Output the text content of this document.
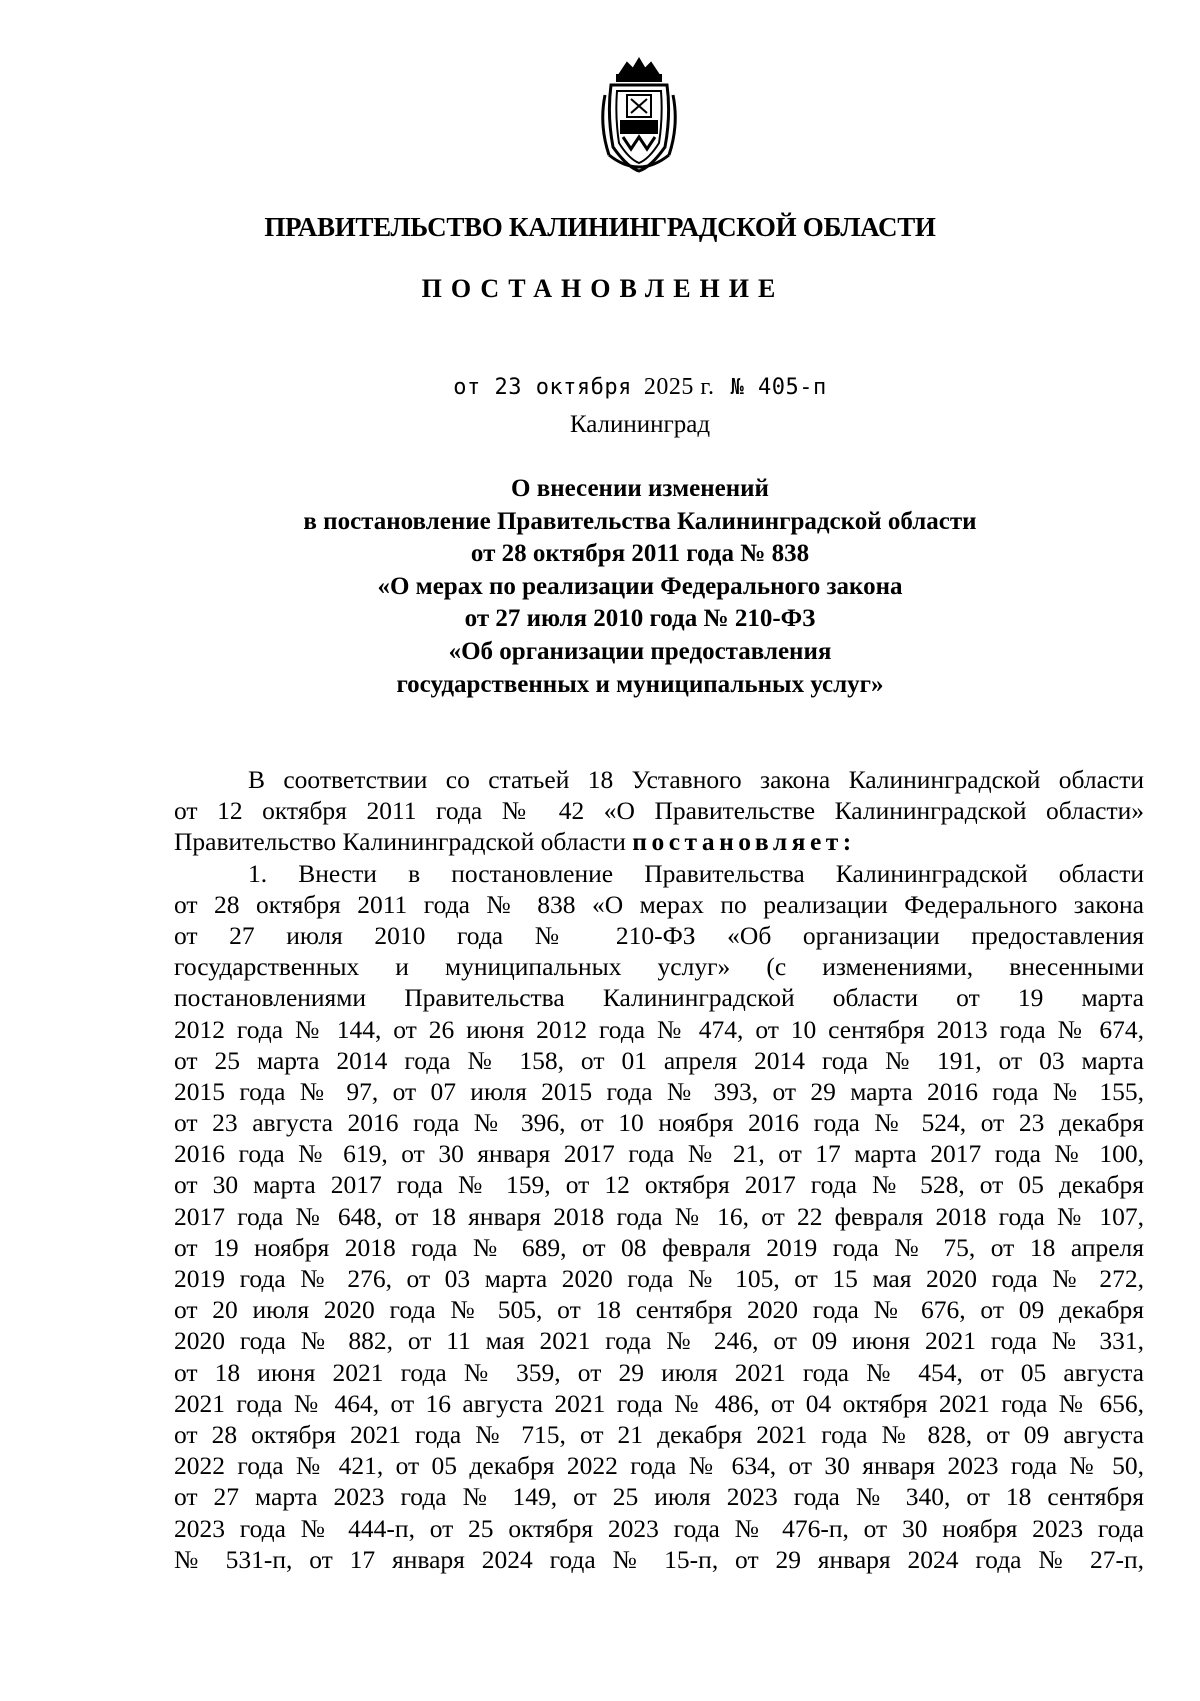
ПРАВИТЕЛЬСТВО КАЛИНИНГРАДСКОЙ ОБЛАСТИ
ПОСТАНОВЛЕНИЕ
от 23 октября 2025 г. № 405-п
Калининград
О внесении изменений
в постановление Правительства Калининградской области
от 28 октября 2011 года № 838
«О мерах по реализации Федерального закона
от 27 июля 2010 года № 210-ФЗ
«Об организации предоставления
государственных и муниципальных услуг»
В соответствии со статьей 18 Уставного закона Калининградской области
от 12 октября 2011 года № 42 «О Правительстве Калининградской области»
Правительство Калининградской области постановляет:
1. Внести в постановление Правительства Калининградской области
от 28 октября 2011 года № 838 «О мерах по реализации Федерального закона
от 27 июля 2010 года № 210-ФЗ «Об организации предоставления
государственных и муниципальных услуг» (с изменениями, внесенными
постановлениями Правительства Калининградской области от 19 марта
2012 года № 144, от 26 июня 2012 года № 474, от 10 сентября 2013 года № 674,
от 25 марта 2014 года № 158, от 01 апреля 2014 года № 191, от 03 марта
2015 года № 97, от 07 июля 2015 года № 393, от 29 марта 2016 года № 155,
от 23 августа 2016 года № 396, от 10 ноября 2016 года № 524, от 23 декабря
2016 года № 619, от 30 января 2017 года № 21, от 17 марта 2017 года № 100,
от 30 марта 2017 года № 159, от 12 октября 2017 года № 528, от 05 декабря
2017 года № 648, от 18 января 2018 года № 16, от 22 февраля 2018 года № 107,
от 19 ноября 2018 года № 689, от 08 февраля 2019 года № 75, от 18 апреля
2019 года № 276, от 03 марта 2020 года № 105, от 15 мая 2020 года № 272,
от 20 июля 2020 года № 505, от 18 сентября 2020 года № 676, от 09 декабря
2020 года № 882, от 11 мая 2021 года № 246, от 09 июня 2021 года № 331,
от 18 июня 2021 года № 359, от 29 июля 2021 года № 454, от 05 августа
2021 года № 464, от 16 августа 2021 года № 486, от 04 октября 2021 года № 656,
от 28 октября 2021 года № 715, от 21 декабря 2021 года № 828, от 09 августа
2022 года № 421, от 05 декабря 2022 года № 634, от 30 января 2023 года № 50,
от 27 марта 2023 года № 149, от 25 июля 2023 года № 340, от 18 сентября
2023 года № 444-п, от 25 октября 2023 года № 476-п, от 30 ноября 2023 года
№ 531-п, от 17 января 2024 года № 15-п, от 29 января 2024 года № 27-п,
